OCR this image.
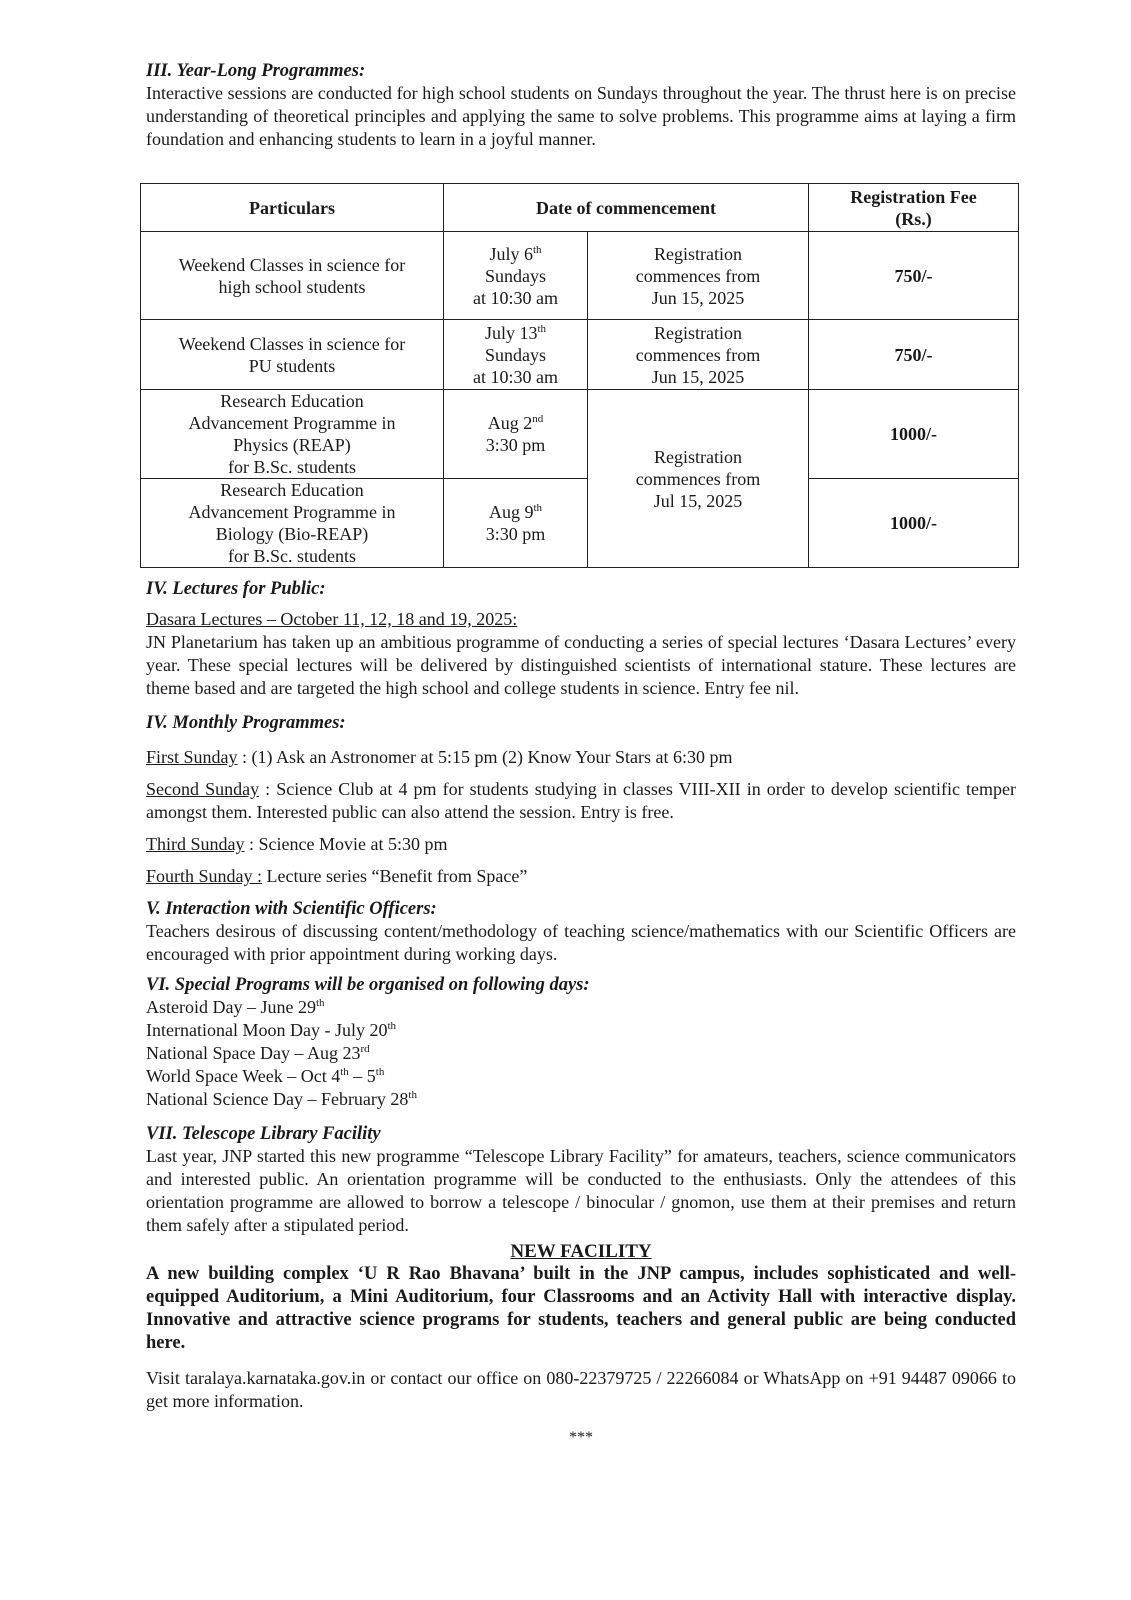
III. Year-Long Programmes:

Interactive sessions are conducted for high school students on Sundays throughout the year. The thrust here is on precise understanding of theoretical principles and applying the same to solve problems. This programme aims at laying a firm foundation and enhancing students to learn in a joyful manner.

Particulars	Date of commencement		Registration Fee
(Rs.)
Weekend Classes in science for
high school students	July 6th
Sundays
at 10:30 am	Registration
commences from
Jun 15, 2025	750/-
Weekend Classes in science for
PU students	July 13th
Sundays
at 10:30 am	Registration
commences from
Jun 15, 2025	750/-
Research Education
Advancement Programme in
Physics (REAP)
for B.Sc. students	Aug 2nd
3:30 pm	Registration
commences from
Jul 15, 2025	1000/-
Research Education
Advancement Programme in
Biology (Bio-REAP)
for B.Sc. students	Aug 9th
3:30 pm		1000/-

IV. Lectures for Public:

Dasara Lectures – October 11, 12, 18 and 19, 2025:

JN Planetarium has taken up an ambitious programme of conducting a series of special lectures ‘Dasara Lectures’ every year. These special lectures will be delivered by distinguished scientists of international stature. These lectures are theme based and are targeted the high school and college students in science. Entry fee nil.

IV. Monthly Programmes:

First Sunday : (1) Ask an Astronomer at 5:15 pm (2) Know Your Stars at 6:30 pm

Second Sunday : Science Club at 4 pm for students studying in classes VIII-XII in order to develop scientific temper amongst them. Interested public can also attend the session. Entry is free.

Third Sunday : Science Movie at 5:30 pm

Fourth Sunday : Lecture series “Benefit from Space”

V. Interaction with Scientific Officers:

Teachers desirous of discussing content/methodology of teaching science/mathematics with our Scientific Officers are encouraged with prior appointment during working days.

VI. Special Programs will be organised on following days:

Asteroid Day – June 29th

International Moon Day - July 20th

National Space Day – Aug 23rd

World Space Week – Oct 4th – 5th

National Science Day – February 28th

VII. Telescope Library Facility

Last year, JNP started this new programme “Telescope Library Facility” for amateurs, teachers, science communicators and interested public. An orientation programme will be conducted to the enthusiasts. Only the attendees of this orientation programme are allowed to borrow a telescope / binocular / gnomon, use them at their premises and return them safely after a stipulated period.

NEW FACILITY

A new building complex ‘U R Rao Bhavana’ built in the JNP campus, includes sophisticated and well-equipped Auditorium, a Mini Auditorium, four Classrooms and an Activity Hall with interactive display. Innovative and attractive science programs for students, teachers and general public are being conducted here.

Visit taralaya.karnataka.gov.in or contact our office on 080-22379725 / 22266084 or WhatsApp on +91 94487 09066 to get more information.

***
